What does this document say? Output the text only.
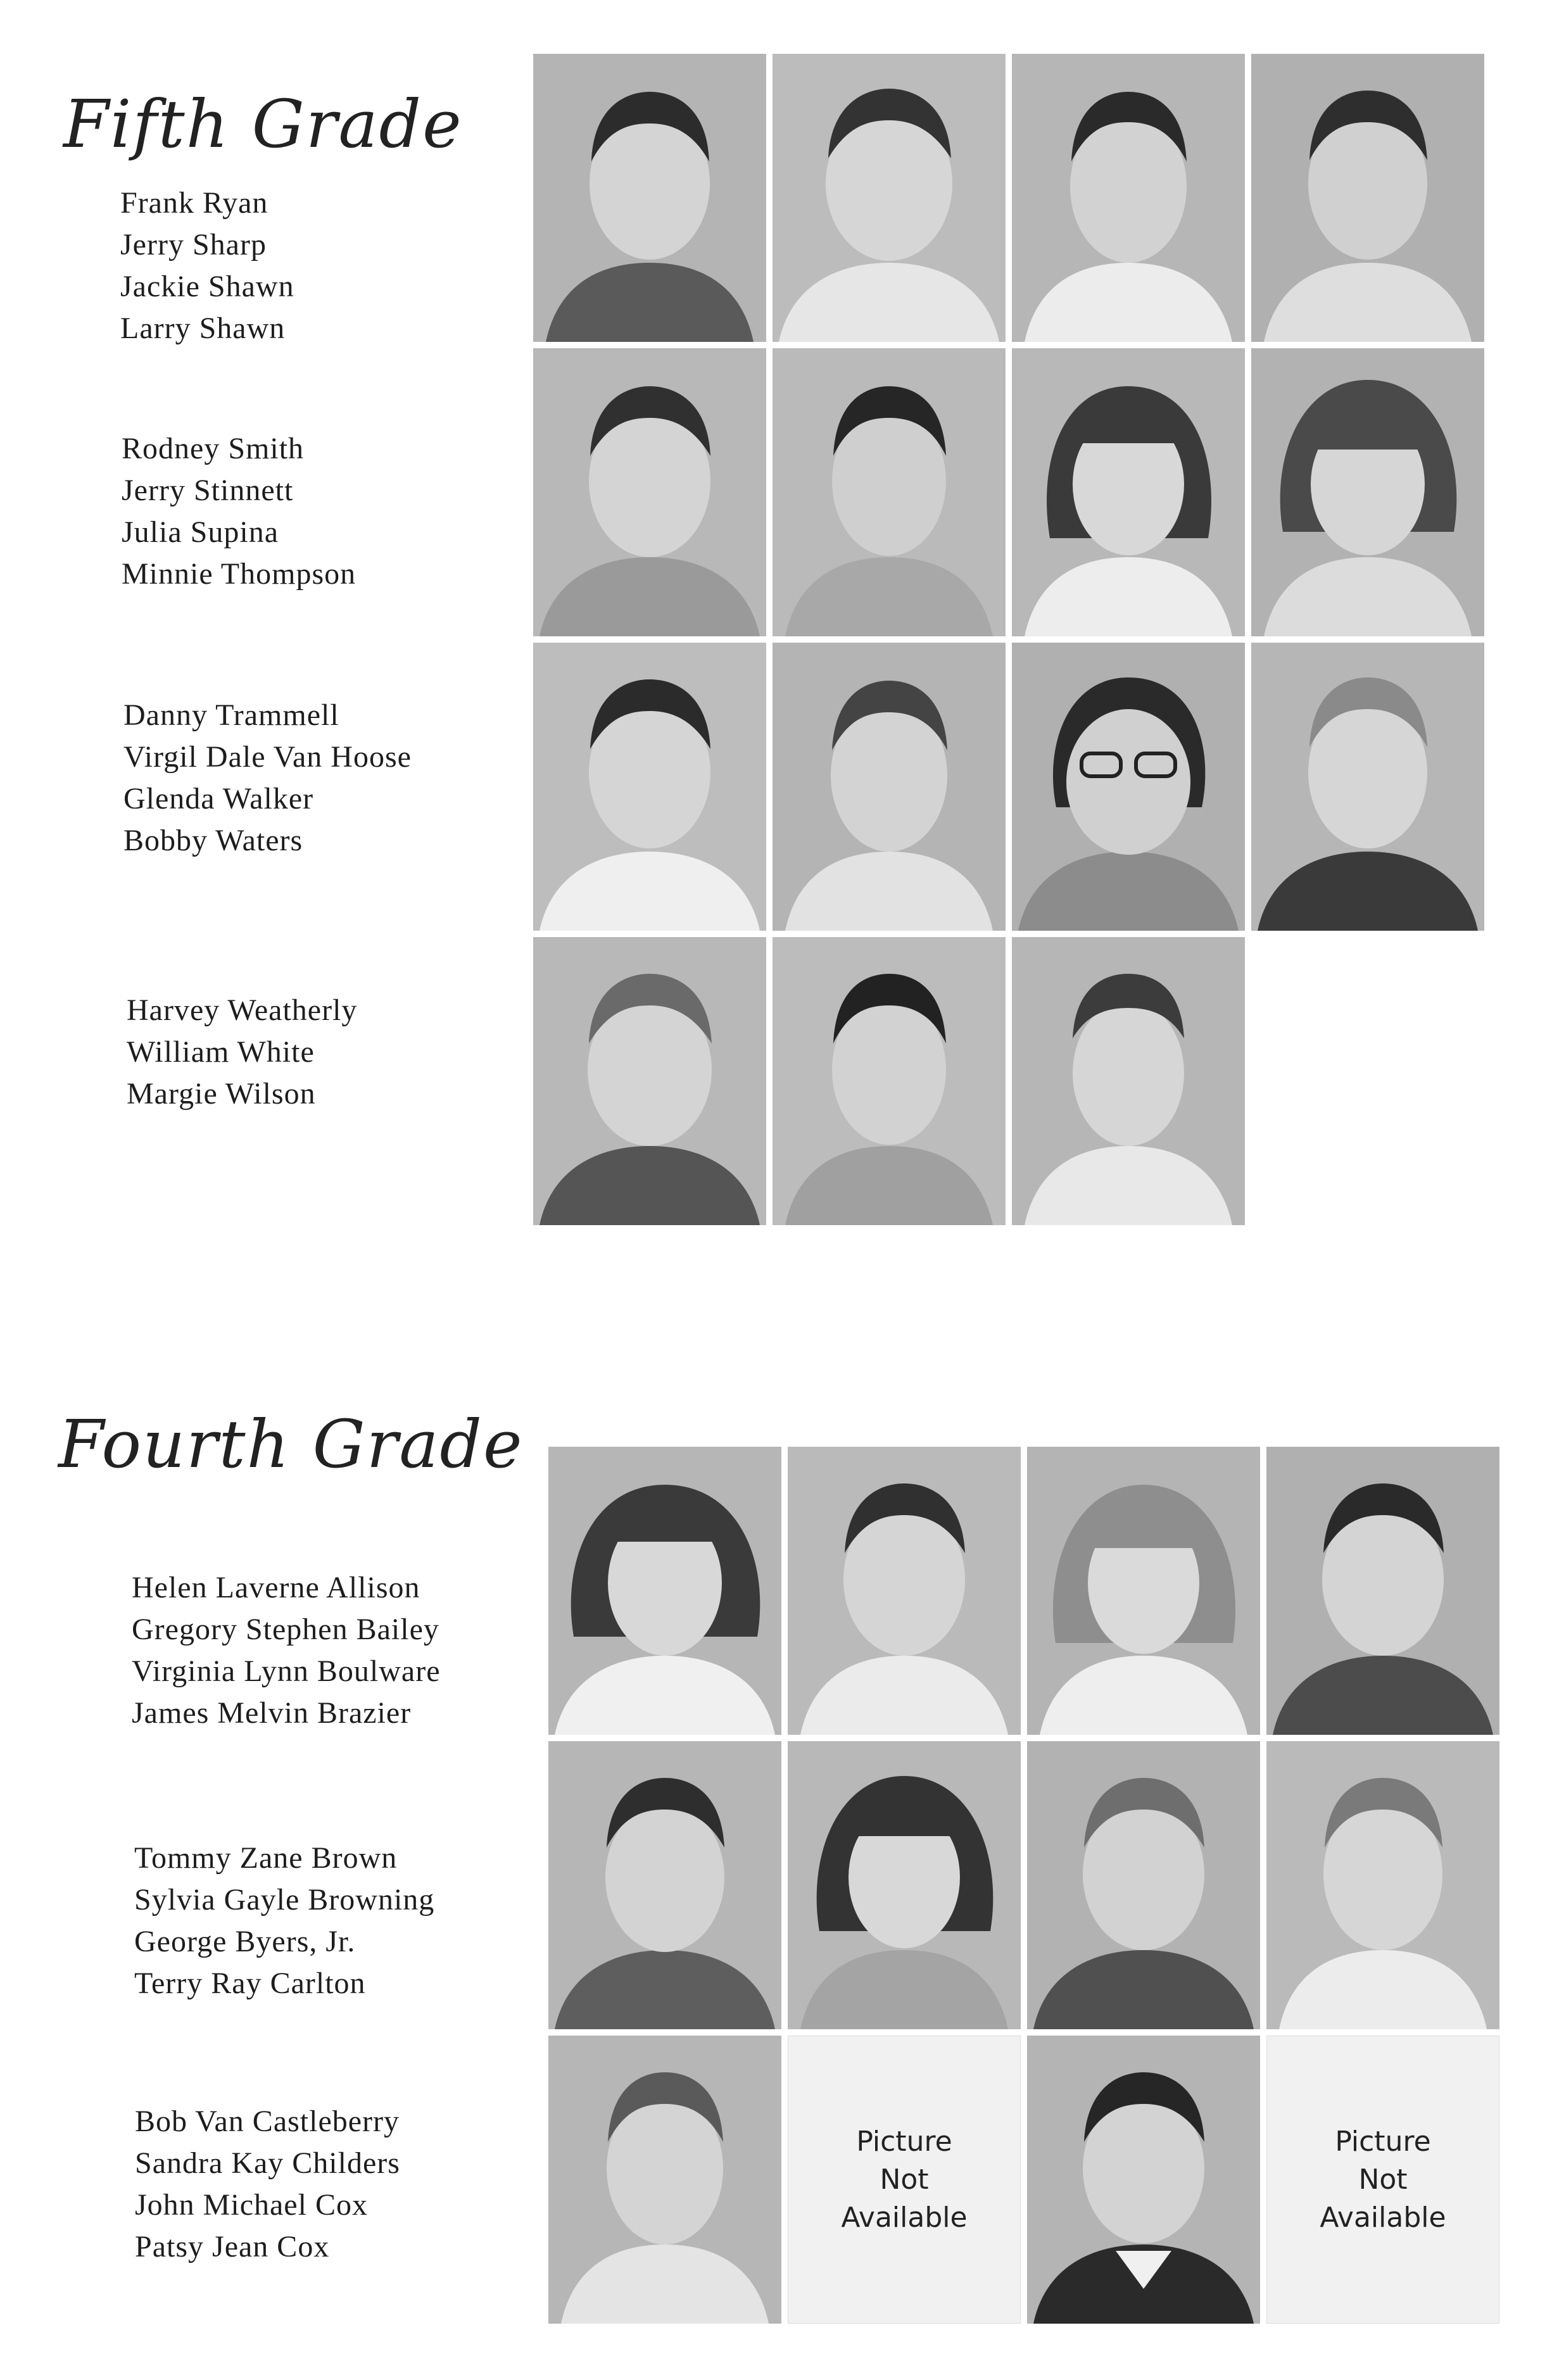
Fifth Grade
Frank Ryan
Jerry Sharp
Jackie Shawn
Larry Shawn
Rodney Smith
Jerry Stinnett
Julia Supina
Minnie Thompson
Danny Trammell
Virgil Dale Van Hoose
Glenda Walker
Bobby Waters
Harvey Weatherly
William White
Margie Wilson
Fourth Grade
Helen Laverne Allison
Gregory Stephen Bailey
Virginia Lynn Boulware
James Melvin Brazier
Tommy Zane Brown
Sylvia Gayle Browning
George Byers, Jr.
Terry Ray Carlton
Bob Van Castleberry
Sandra Kay Childers
John Michael Cox
Patsy Jean Cox
Picture
Not
Available
Picture
Not
Available
